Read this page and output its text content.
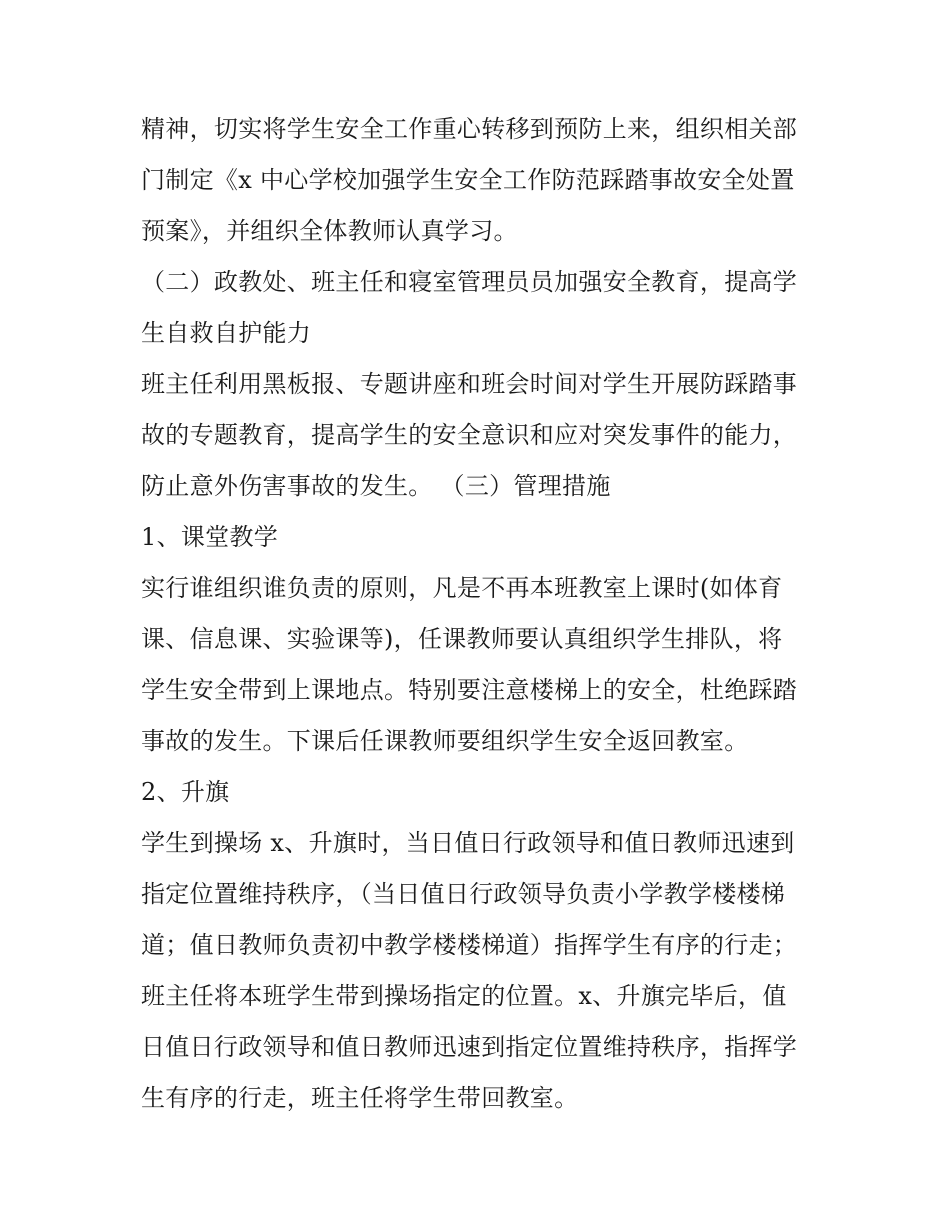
精神，切实将学生安全工作重心转移到预防上来，组织相关部
门制定《x 中心学校加强学生安全工作防范踩踏事故安全处置
预案》，并组织全体教师认真学习。
（二）政教处、班主任和寝室管理员员加强安全教育，提高学
生自救自护能力
班主任利用黑板报、专题讲座和班会时间对学生开展防踩踏事
故的专题教育，提高学生的安全意识和应对突发事件的能力，
防止意外伤害事故的发生。 （三）管理措施
1、课堂教学
实行谁组织谁负责的原则，凡是不再本班教室上课时(如体育
课、信息课、实验课等)，任课教师要认真组织学生排队，将
学生安全带到上课地点。特别要注意楼梯上的安全，杜绝踩踏
事故的发生。下课后任课教师要组织学生安全返回教室。
2、升旗
学生到操场 x、升旗时，当日值日行政领导和值日教师迅速到
指定位置维持秩序，（当日值日行政领导负责小学教学楼楼梯
道；值日教师负责初中教学楼楼梯道）指挥学生有序的行走；
班主任将本班学生带到操场指定的位置。x、升旗完毕后，值
日值日行政领导和值日教师迅速到指定位置维持秩序，指挥学
生有序的行走，班主任将学生带回教室。
